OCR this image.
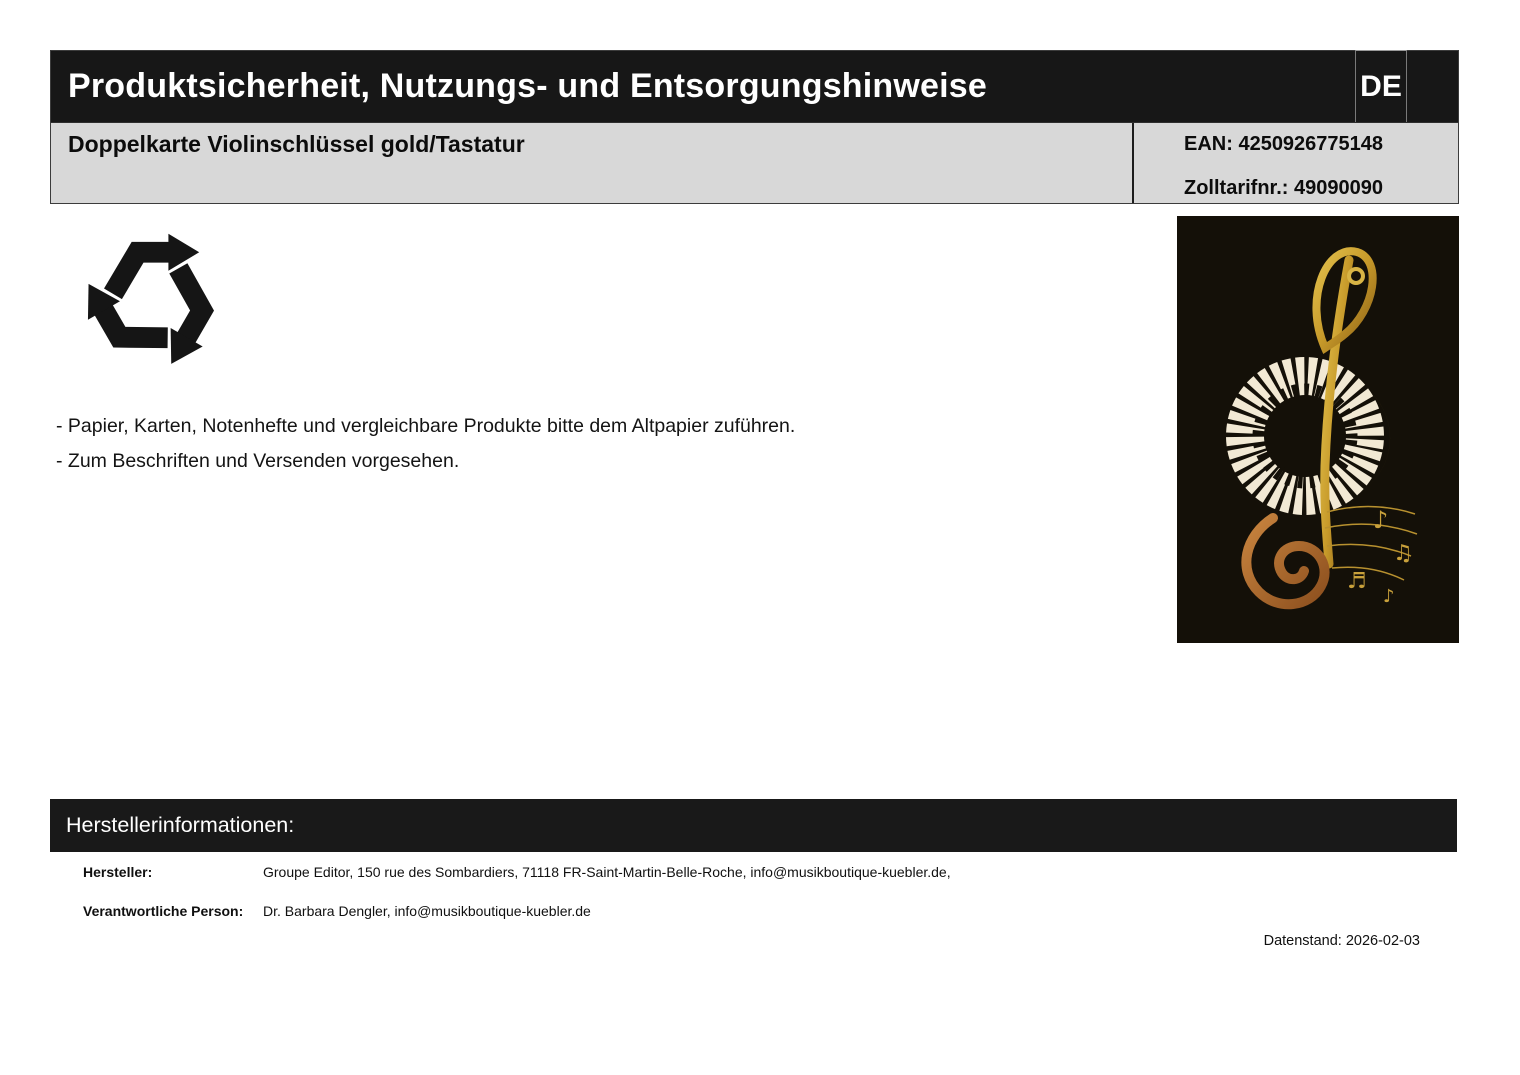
Produktsicherheit, Nutzungs- und Entsorgungshinweise	DE
Doppelkarte Violinschlüssel gold/Tastatur	EAN: 4250926775148
Zolltarifnr.: 49090090
- Papier, Karten, Notenhefte und vergleichbare Produkte bitte dem Altpapier zuführen.
- Zum Beschriften und Versenden vorgesehen.
♪
♫
♬
♪
Herstellerinformationen:
Hersteller:	Groupe Editor, 150 rue des Sombardiers, 71118 FR-Saint-Martin-Belle-Roche, info@musikboutique-kuebler.de,
Verantwortliche Person: Dr. Barbara Dengler, info@musikboutique-kuebler.de
Datenstand: 2026-02-03
